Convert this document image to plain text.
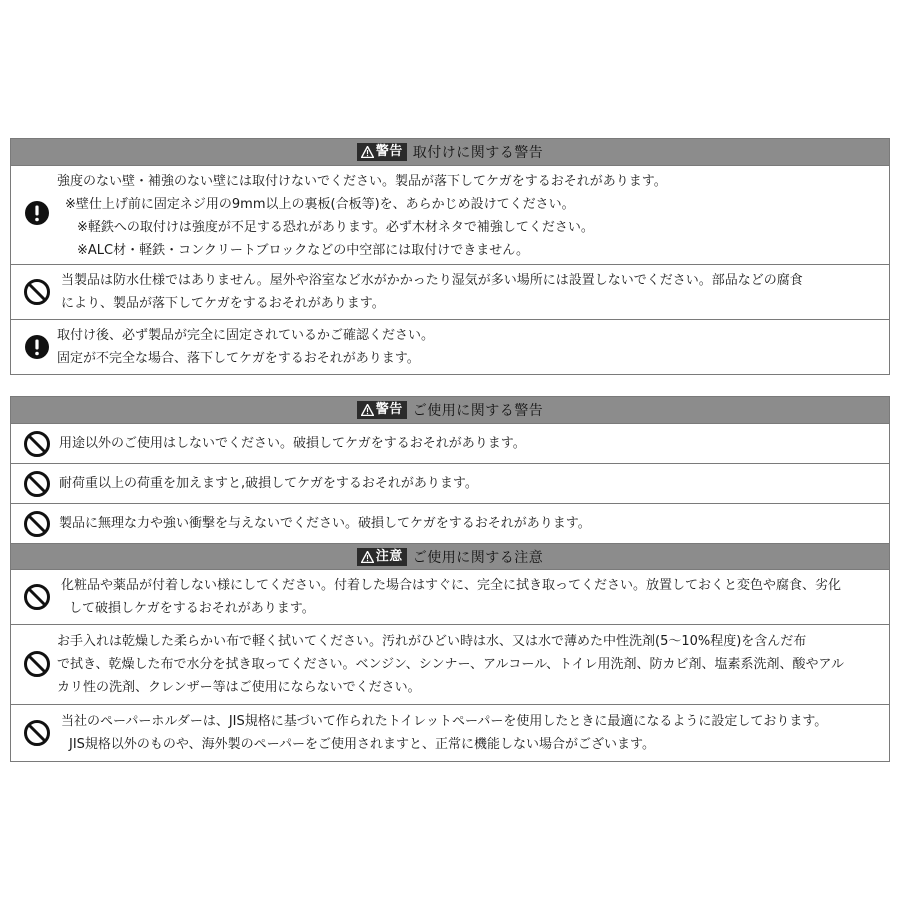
警告 取付けに関する警告
強度のない壁・補強のない壁には取付けないでください。製品が落下してケガをするおそれがあります。
※壁仕上げ前に固定ネジ用の9mm以上の裏板(合板等)を、あらかじめ設けてください。
※軽鉄への取付けは強度が不足する恐れがあります。必ず木材ネタで補強してください。
※ALC材・軽鉄・コンクリートブロックなどの中空部には取付けできません。
当製品は防水仕様ではありません。屋外や浴室など水がかかったり湿気が多い場所には設置しないでください。部品などの腐食
により、製品が落下してケガをするおそれがあります。
取付け後、必ず製品が完全に固定されているかご確認ください。
固定が不完全な場合、落下してケガをするおそれがあります。
警告 ご使用に関する警告
用途以外のご使用はしないでください。破損してケガをするおそれがあります。
耐荷重以上の荷重を加えますと,破損してケガをするおそれがあります。
製品に無理な力や強い衝撃を与えないでください。破損してケガをするおそれがあります。
注意 ご使用に関する注意
化粧品や薬品が付着しない様にしてください。付着した場合はすぐに、完全に拭き取ってください。放置しておくと変色や腐食、劣化
して破損しケガをするおそれがあります。
お手入れは乾燥した柔らかい布で軽く拭いてください。汚れがひどい時は水、又は水で薄めた中性洗剤(5〜10%程度)を含んだ布
で拭き、乾燥した布で水分を拭き取ってください。ベンジン、シンナー、アルコール、トイレ用洗剤、防カビ剤、塩素系洗剤、酸やアル
カリ性の洗剤、クレンザー等はご使用にならないでください。
当社のペーパーホルダーは、JIS規格に基づいて作られたトイレットペーパーを使用したときに最適になるように設定しております。
JIS規格以外のものや、海外製のペーパーをご使用されますと、正常に機能しない場合がございます。
